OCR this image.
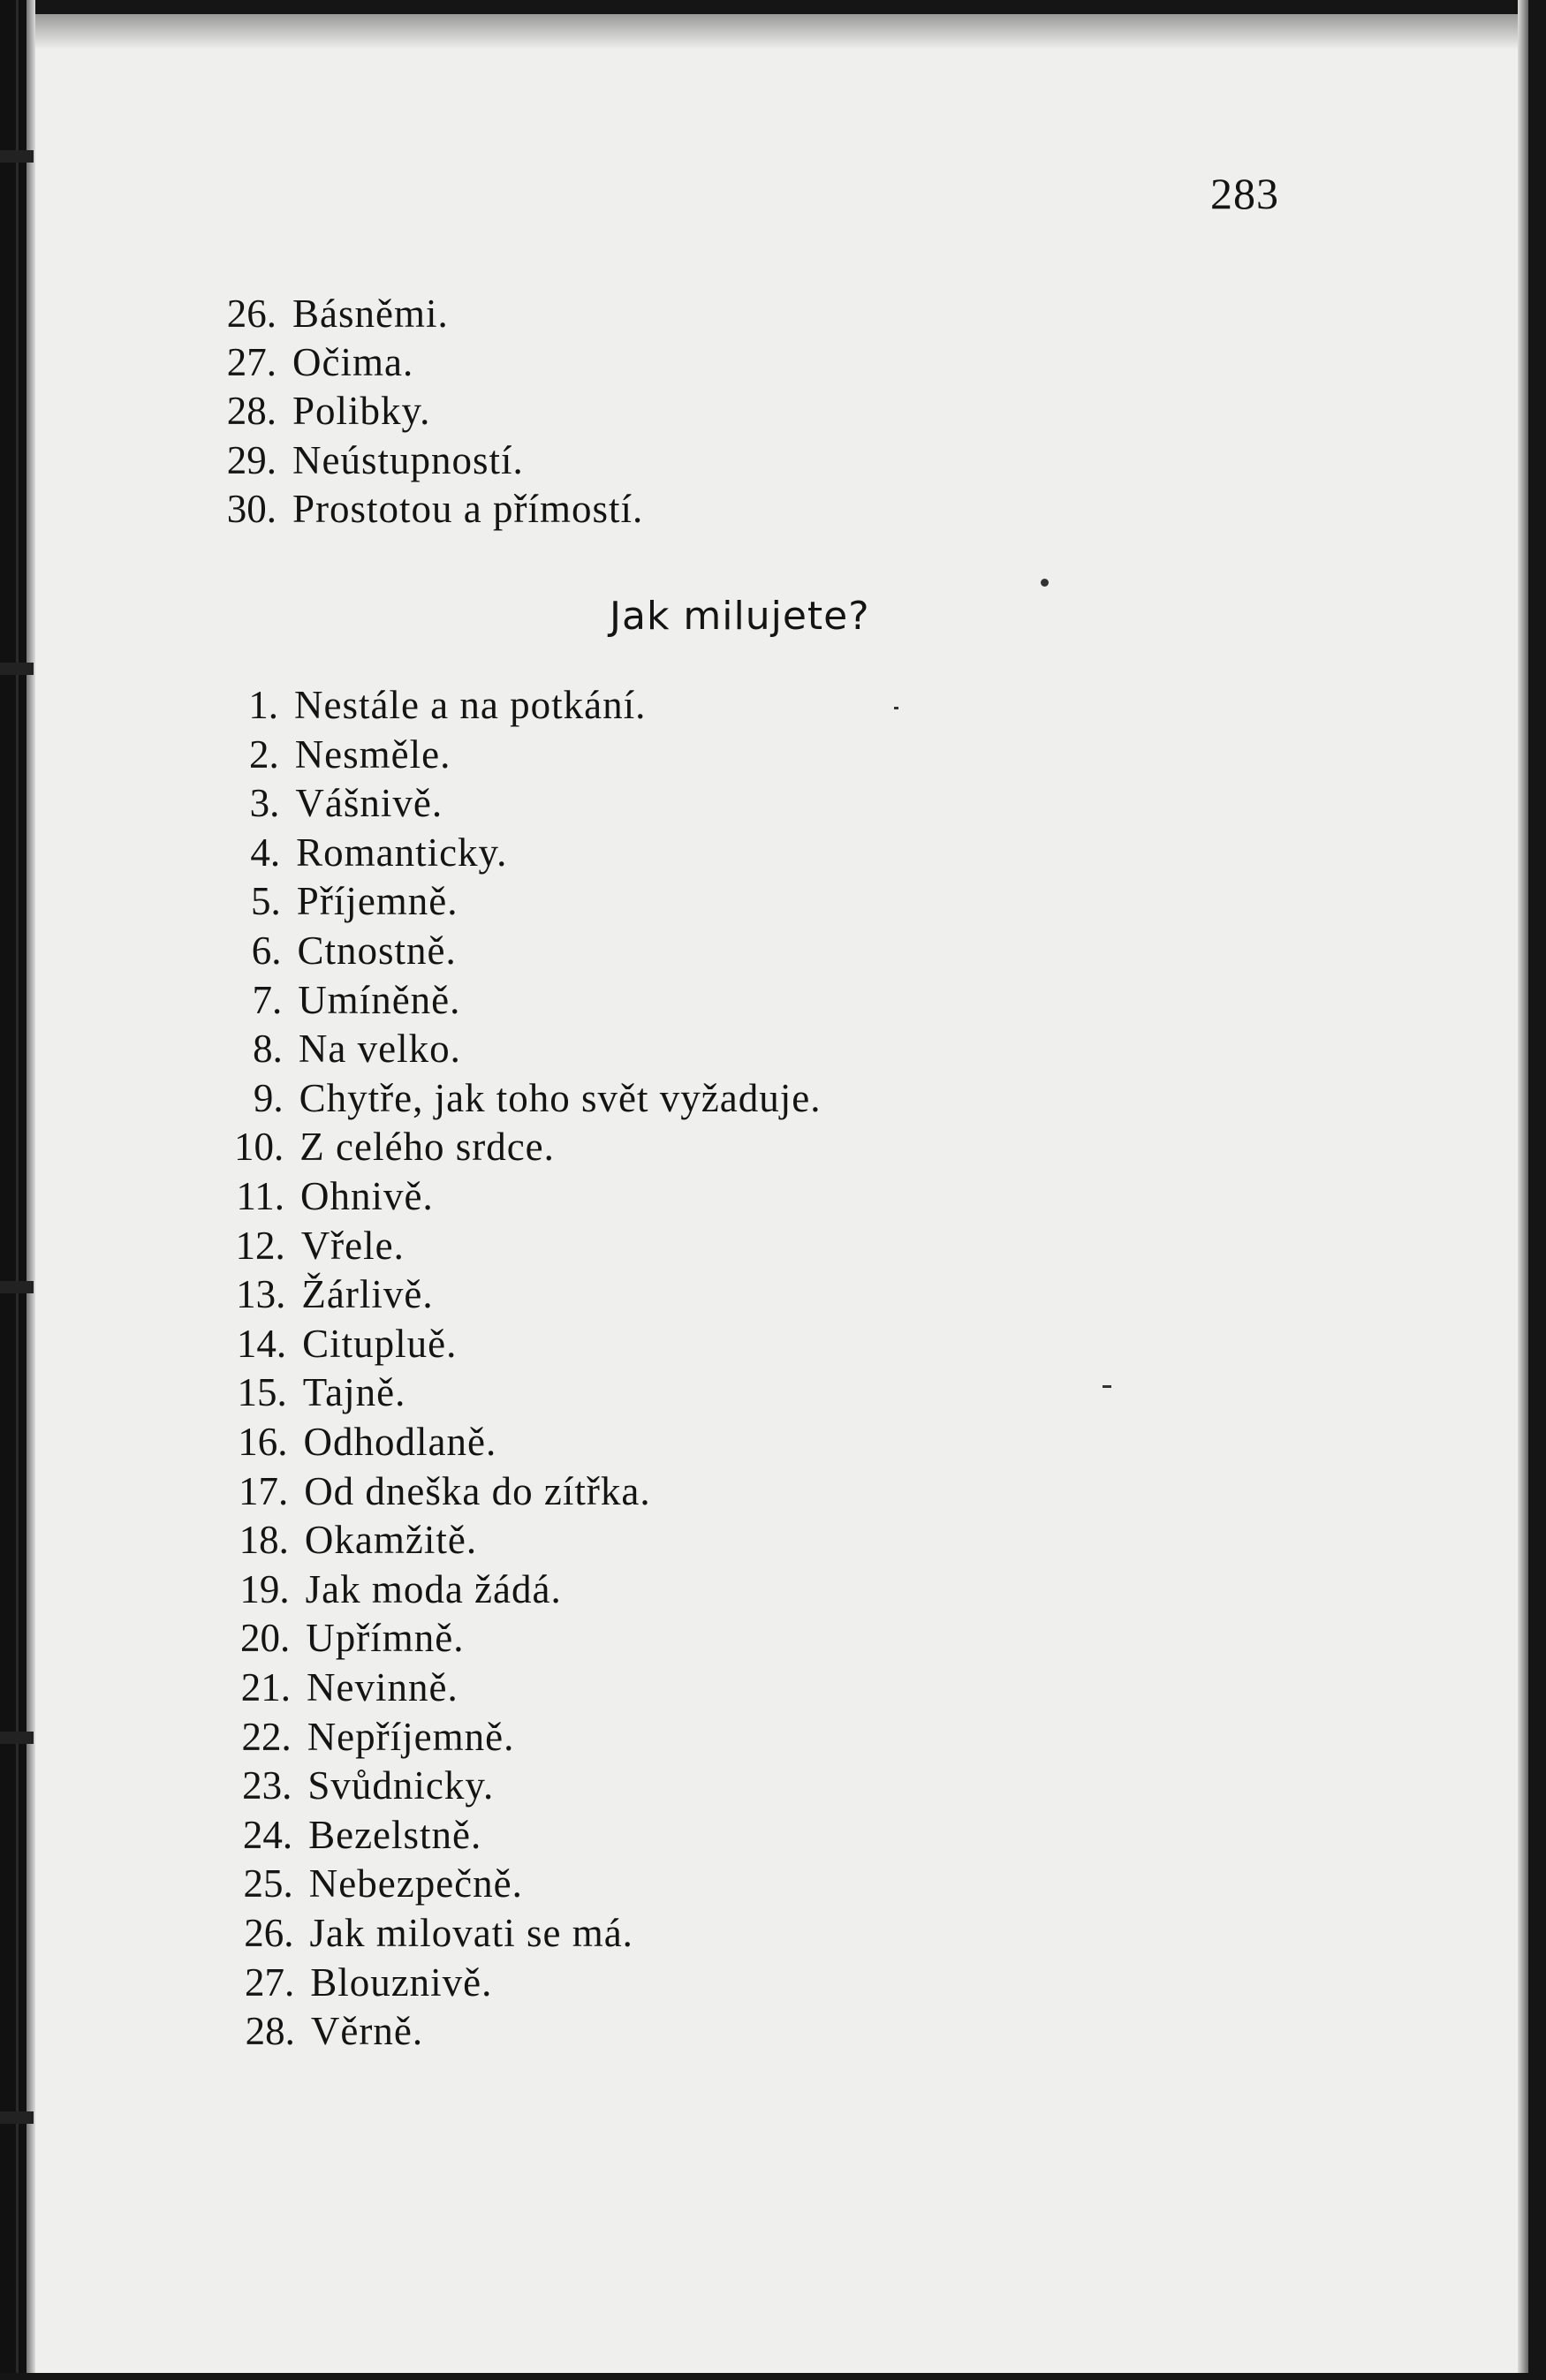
283
26. Básněmi.
27. Očima.
28. Polibky.
29. Neústupností.
30. Prostotou a přímostí.
Jak milujete?
1. Nestále a na potkání.
2. Nesměle.
3. Vášnivě.
4. Romanticky.
5. Příjemně.
6. Ctnostně.
7. Umíněně.
8. Na velko.
9. Chytře, jak toho svět vyžaduje.
10. Z celého srdce.
11. Ohnivě.
12. Vřele.
13. Žárlivě.
14. Citupluě.
15. Tajně.
16. Odhodlaně.
17. Od dneška do zítřka.
18. Okamžitě.
19. Jak moda žádá.
20. Upřímně.
21. Nevinně.
22. Nepříjemně.
23. Svůdnicky.
24. Bezelstně.
25. Nebezpečně.
26. Jak milovati se má.
27. Blouznivě.
28. Věrně.
